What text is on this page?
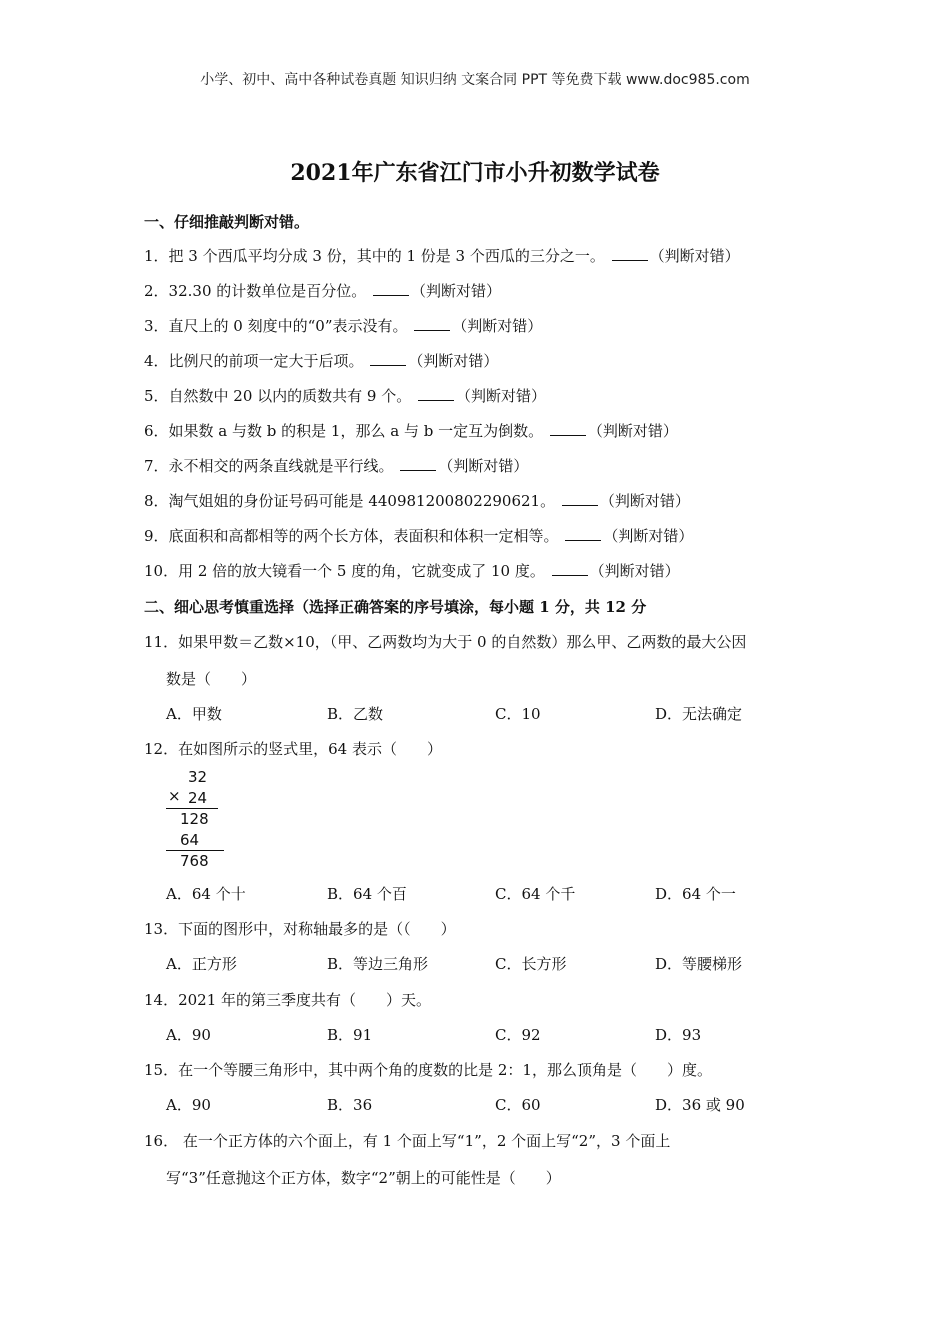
小学、初中、高中各种试卷真题 知识归纳 文案合同 PPT 等免费下载 www.doc985.com
2021年广东省江门市小升初数学试卷
一、仔细推敲判断对错。
1．把 3 个西瓜平均分成 3 份，其中的 1 份是 3 个西瓜的三分之一。	（判断对错）
2．32.30 的计数单位是百分位。	（判断对错）
3．直尺上的 0 刻度中的“0”表示没有。	（判断对错）
4．比例尺的前项一定大于后项。	（判断对错）
5．自然数中 20 以内的质数共有 9 个。	（判断对错）
6．如果数 a 与数 b 的积是 1，那么 a 与 b 一定互为倒数。	（判断对错）
7．永不相交的两条直线就是平行线。	（判断对错）
8．淘气姐姐的身份证号码可能是 440981200802290621。	（判断对错）
9．底面积和高都相等的两个长方体，表面积和体积一定相等。	（判断对错）
10．用 2 倍的放大镜看一个 5 度的角，它就变成了 10 度。	（判断对错）
二、细心思考慎重选择（选择正确答案的序号填涂，每小题 1 分，共 12 分
11．如果甲数＝乙数×10，（甲、乙两数均为大于 0 的自然数）那么甲、乙两数的最大公因
数是（　　）
A．甲数	B．乙数	C．10	D．无法确定
12．在如图所示的竖式里，64 表示（　　）
32
× 24
128
64
768
A．64 个十	B．64 个百	C．64 个千	D．64 个一
13．下面的图形中，对称轴最多的是（（　　）
A．正方形	B．等边三角形	C．长方形	D．等腰梯形
14．2021 年的第三季度共有（　　）天。
A．90	B．91	C．92	D．93
15．在一个等腰三角形中，其中两个角的度数的比是 2：1，那么顶角是（　　）度。
A．90	B．36	C．60	D．36 或 90
16． 在一个正方体的六个面上，有 1 个面上写“1”，2 个面上写“2”，3 个面上
写“3”任意抛这个正方体，数字“2”朝上的可能性是（　　）
